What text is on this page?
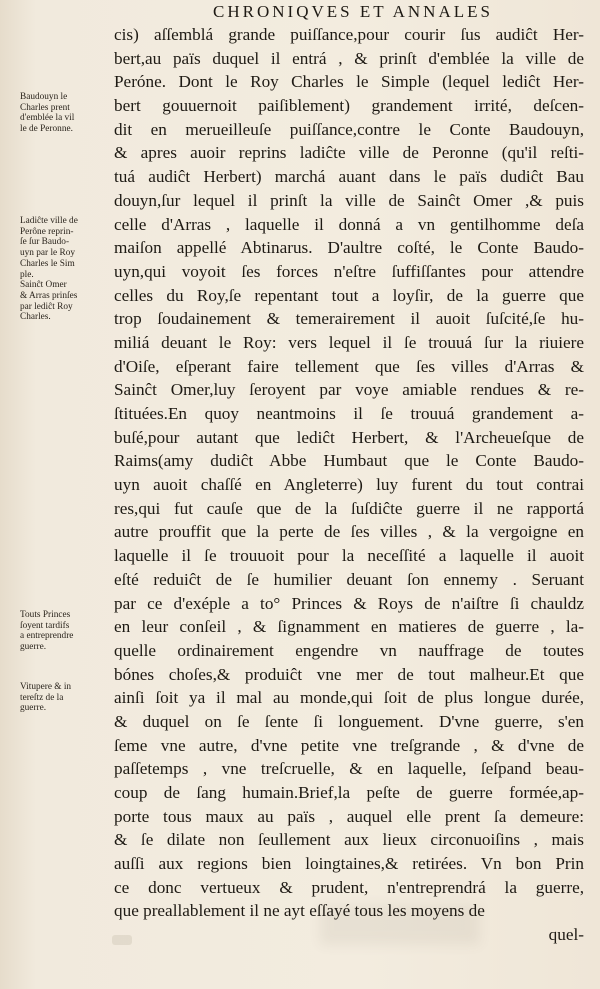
CHRONIQVES ET ANNALES
cis) aſſemblá grande puiſſance,pour courir ſus audiĉt Her-
bert,au païs duquel il entrá , & prinſt d'emblée la ville de
Peróne. Dont le Roy Charles le Simple (lequel lediĉt Her-
bert gouuernoit paiſiblement) grandement irrité, deſcen-
dit en merueilleuſe puiſſance,contre le Conte Baudouyn,
& apres auoir reprins ladiĉte ville de Peronne (qu'il reſti-
tuá audiĉt Herbert) marchá auant dans le païs dudiĉt Bau
douyn,ſur lequel il prinſt la ville de Sainĉt Omer ,& puis
celle d'Arras , laquelle il donná a vn gentilhomme deſa
maiſon appellé Abtinarus. D'aultre coſté, le Conte Baudo-
uyn,qui voyoit ſes forces n'eſtre ſuffiſſantes pour attendre
celles du Roy,ſe repentant tout a loyſir, de la guerre que
trop ſoudainement & temerairement il auoit ſuſcité,ſe hu-
miliá deuant le Roy: vers lequel il ſe trouuá ſur la riuiere
d'Oiſe, eſperant faire tellement que ſes villes d'Arras &
Sainĉt Omer,luy ſeroyent par voye amiable rendues & re-
ſtituées.En quoy neantmoins il ſe trouuá grandement a-
buſé,pour autant que lediĉt Herbert, & l'Archeueſque de
Raims(amy dudiĉt Abbe Humbaut que le Conte Baudo-
uyn auoit chaſſé en Angleterre) luy furent du tout contrai
res,qui fut cauſe que de la ſuſdiĉte guerre il ne rapportá
autre prouffit que la perte de ſes villes , & la vergoigne en
laquelle il ſe trouuoit pour la neceſſité a laquelle il auoit
eſté reduiĉt de ſe humilier deuant ſon ennemy . Seruant
par ce d'exéple a to° Princes & Roys de n'aiſtre ſi chauldz
en leur conſeil , & ſignamment en matieres de guerre , la-
quelle ordinairement engendre vn nauffrage de toutes
bónes choſes,& produiĉt vne mer de tout malheur.Et que
ainſi ſoit ya il mal au monde,qui ſoit de plus longue durée,
& duquel on ſe ſente ſi longuement. D'vne guerre, s'en
ſeme vne autre, d'vne petite vne treſgrande , & d'vne de
paſſetemps , vne treſcruelle, & en laquelle, ſeſpand beau-
coup de ſang humain.Brief,la peſte de guerre formée,ap-
porte tous maux au païs , auquel elle prent ſa demeure:
& ſe dilate non ſeullement aux lieux circonuoiſins , mais
auſſi aux regions bien loingtaines,& retirées. Vn bon Prin
ce donc vertueux & prudent, n'entreprendrá la guerre,
que preallablement il ne ayt eſſayé tous les moyens de
quel-
Baudouyn le
Charles prent
d'emblée la vil
le de Peronne.
Ladiĉte ville de
Perône reprin-
ſe ſur Baudo-
uyn par le Roy
Charles le Sim
ple.
Sainĉt Omer
& Arras prinſes
par lediĉt Roy
Charles.
Touts Princes
ſoyent tardifs
a entreprendre
guerre.
Vitupere & in
tereſtz de la
guerre.
